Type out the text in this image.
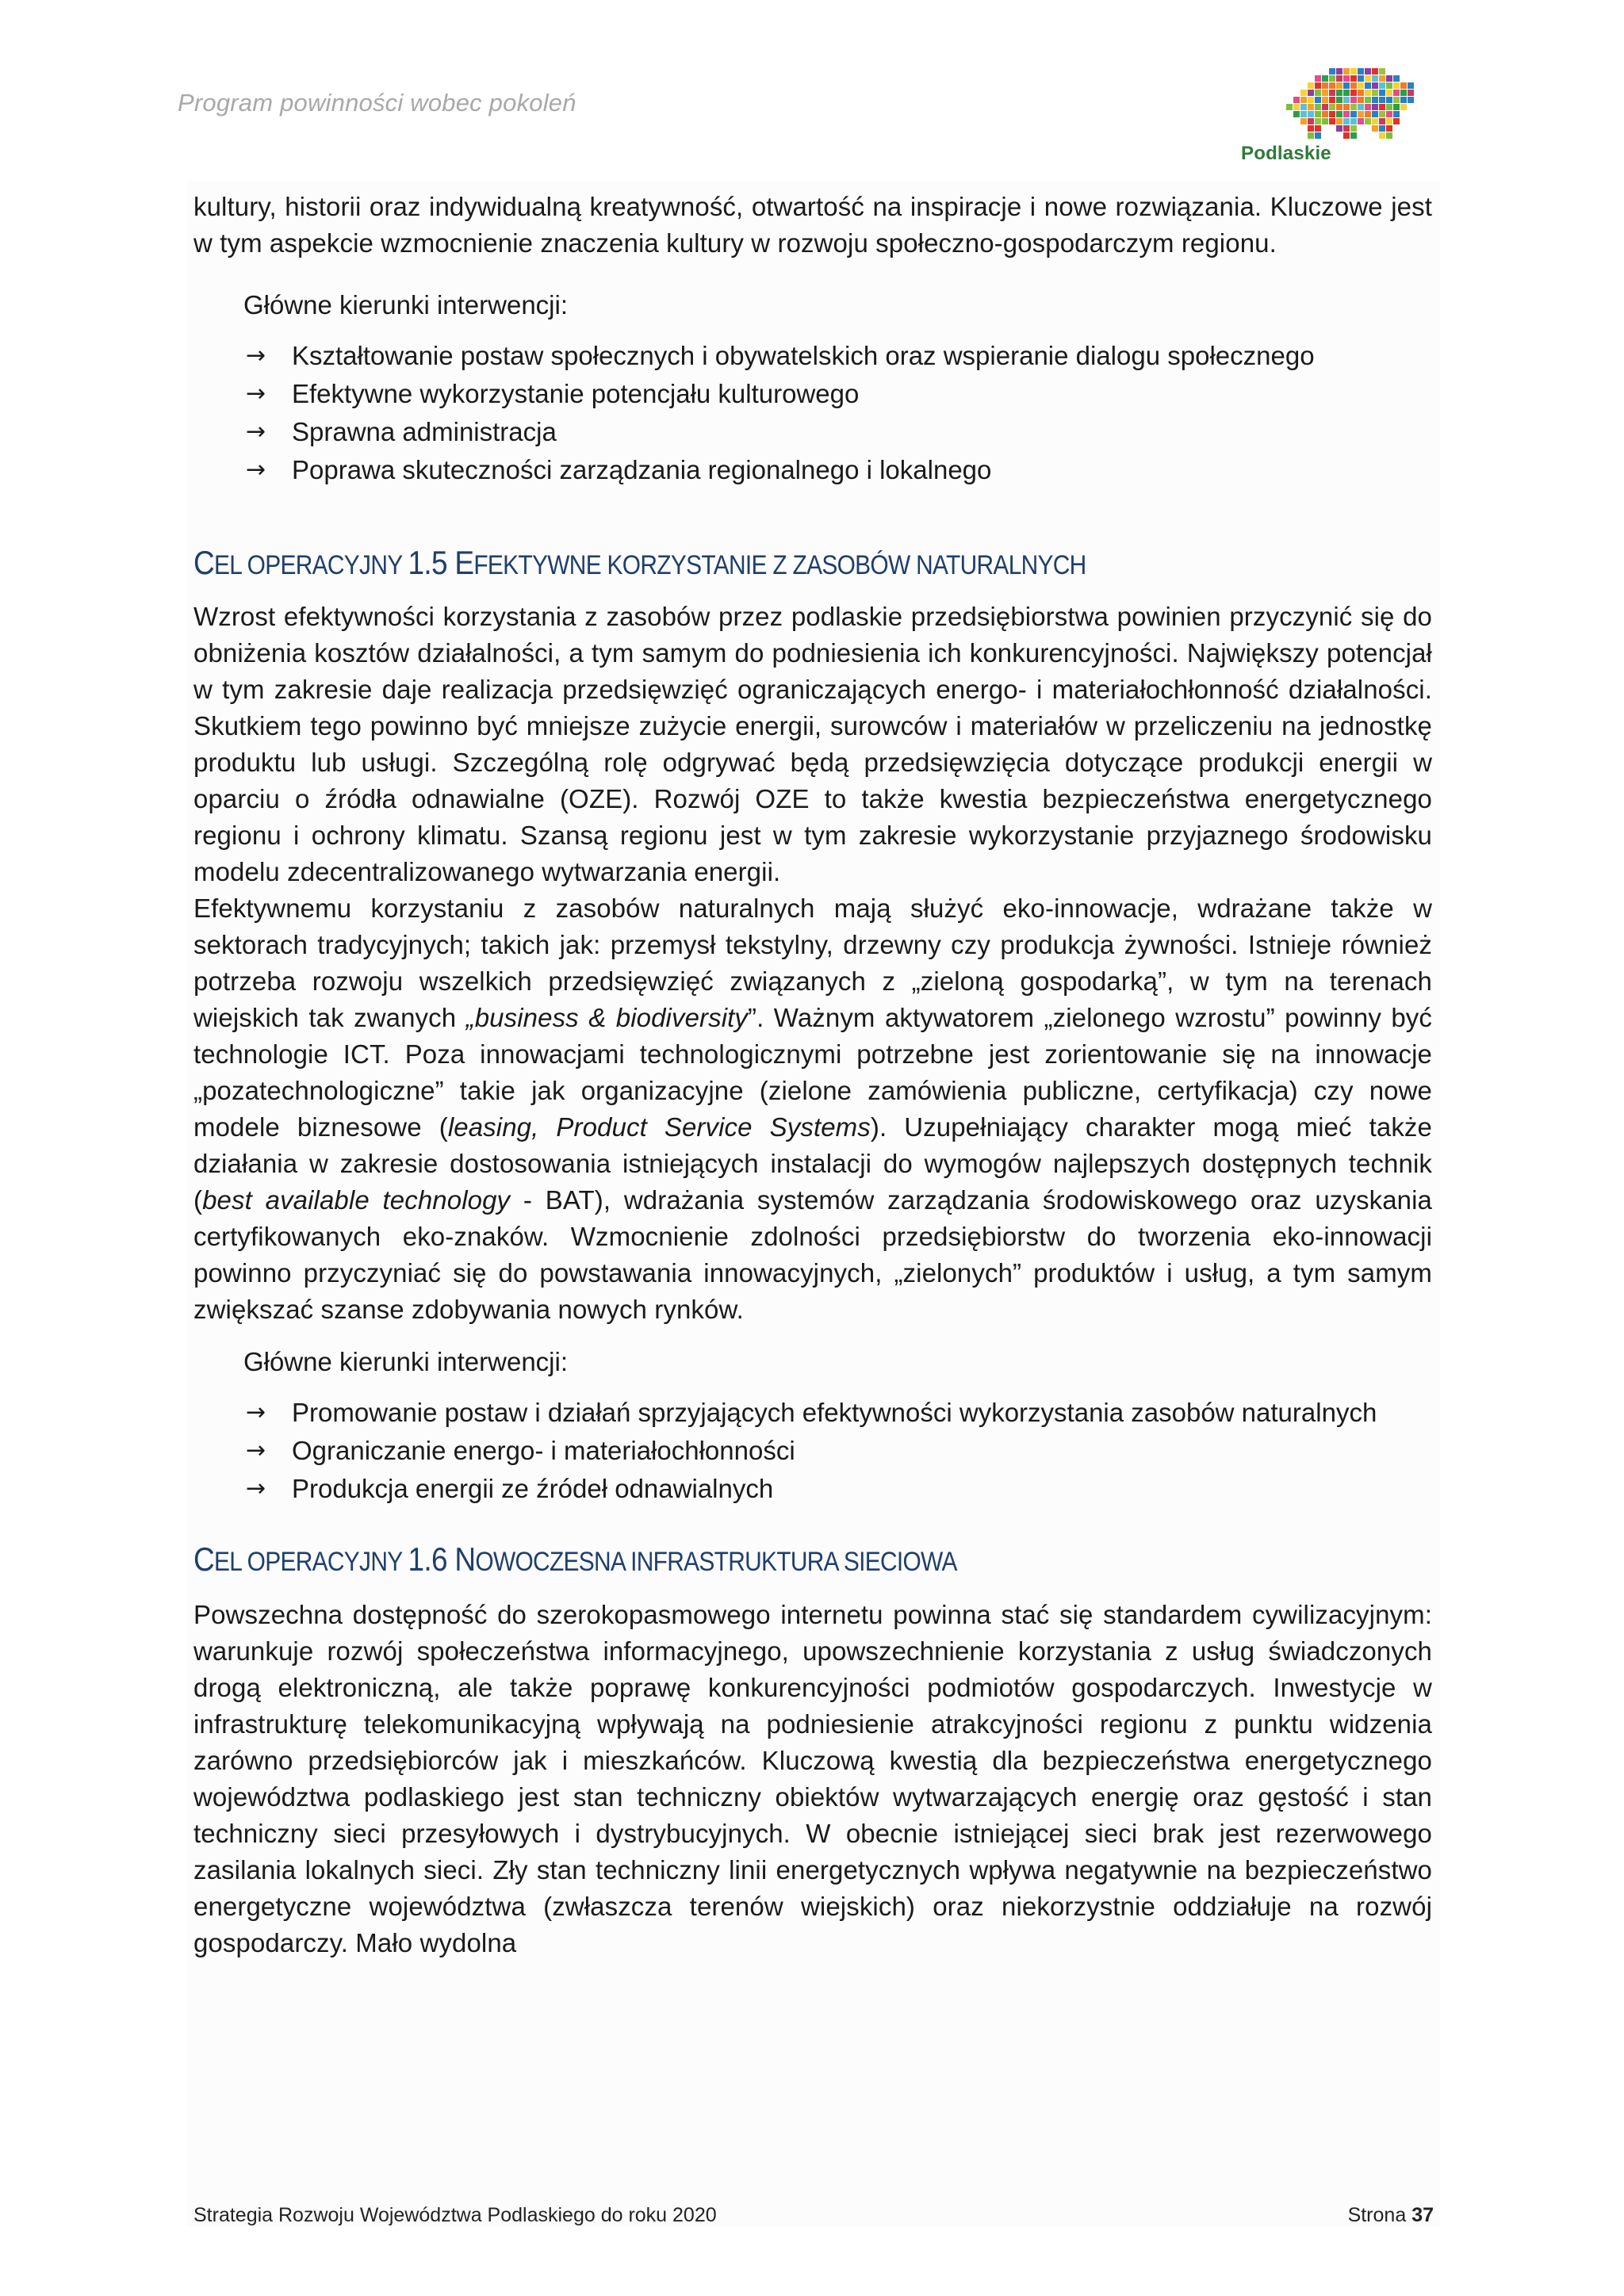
Program powinności wobec pokoleń
Podlaskie

kultury, historii oraz indywidualną kreatywność, otwartość na inspiracje i nowe rozwiązania. Kluczowe jest w tym aspekcie wzmocnienie znaczenia kultury w rozwoju społeczno-gospodarczym regionu.

Główne kierunki interwencji:
→ Kształtowanie postaw społecznych i obywatelskich oraz wspieranie dialogu społecznego
→ Efektywne wykorzystanie potencjału kulturowego
→ Sprawna administracja
→ Poprawa skuteczności zarządzania regionalnego i lokalnego
CEL OPERACYJNY 1.5 EFEKTYWNE KORZYSTANIE Z ZASOBÓW NATURALNYCH

Wzrost efektywności korzystania z zasobów przez podlaskie przedsiębiorstwa powinien przyczynić się do obniżenia kosztów działalności, a tym samym do podniesienia ich konkurencyjności. Największy potencjał w tym zakresie daje realizacja przedsięwzięć ograniczających energo- i materiałochłonność działalności. Skutkiem tego powinno być mniejsze zużycie energii, surowców i materiałów w przeliczeniu na jednostkę produktu lub usługi. Szczególną rolę odgrywać będą przedsięwzięcia dotyczące produkcji energii w oparciu o źródła odnawialne (OZE). Rozwój OZE to także kwestia bezpieczeństwa energetycznego regionu i ochrony klimatu. Szansą regionu jest w tym zakresie wykorzystanie przyjaznego środowisku modelu zdecentralizowanego wytwarzania energii.

Efektywnemu korzystaniu z zasobów naturalnych mają służyć eko-innowacje, wdrażane także w sektorach tradycyjnych; takich jak: przemysł tekstylny, drzewny czy produkcja żywności. Istnieje również potrzeba rozwoju wszelkich przedsięwzięć związanych z „zieloną gospodarką”, w tym na terenach wiejskich tak zwanych „business & biodiversity”. Ważnym aktywatorem „zielonego wzrostu” powinny być technologie ICT. Poza innowacjami technologicznymi potrzebne jest zorientowanie się na innowacje „pozatechnologiczne” takie jak organizacyjne (zielone zamówienia publiczne, certyfikacja) czy nowe modele biznesowe (leasing, Product Service Systems). Uzupełniający charakter mogą mieć także działania w zakresie dostosowania istniejących instalacji do wymogów najlepszych dostępnych technik (best available technology - BAT), wdrażania systemów zarządzania środowiskowego oraz uzyskania certyfikowanych eko-znaków. Wzmocnienie zdolności przedsiębiorstw do tworzenia eko-innowacji powinno przyczyniać się do powstawania innowacyjnych, „zielonych” produktów i usług, a tym samym zwiększać szanse zdobywania nowych rynków.

Główne kierunki interwencji:
→ Promowanie postaw i działań sprzyjających efektywności wykorzystania zasobów naturalnych
→ Ograniczanie energo- i materiałochłonności
→ Produkcja energii ze źródeł odnawialnych
CEL OPERACYJNY 1.6 NOWOCZESNA INFRASTRUKTURA SIECIOWA

Powszechna dostępność do szerokopasmowego internetu powinna stać się standardem cywilizacyjnym: warunkuje rozwój społeczeństwa informacyjnego, upowszechnienie korzystania z usług świadczonych drogą elektroniczną, ale także poprawę konkurencyjności podmiotów gospodarczych. Inwestycje w infrastrukturę telekomunikacyjną wpływają na podniesienie atrakcyjności regionu z punktu widzenia zarówno przedsiębiorców jak i mieszkańców. Kluczową kwestią dla bezpieczeństwa energetycznego województwa podlaskiego jest stan techniczny obiektów wytwarzających energię oraz gęstość i stan techniczny sieci przesyłowych i dystrybucyjnych. W obecnie istniejącej sieci brak jest rezerwowego zasilania lokalnych sieci. Zły stan techniczny linii energetycznych wpływa negatywnie na bezpieczeństwo energetyczne województwa (zwłaszcza terenów wiejskich) oraz niekorzystnie oddziałuje na rozwój gospodarczy. Mało wydolna

Strategia Rozwoju Województwa Podlaskiego do roku 2020	Strona 37
